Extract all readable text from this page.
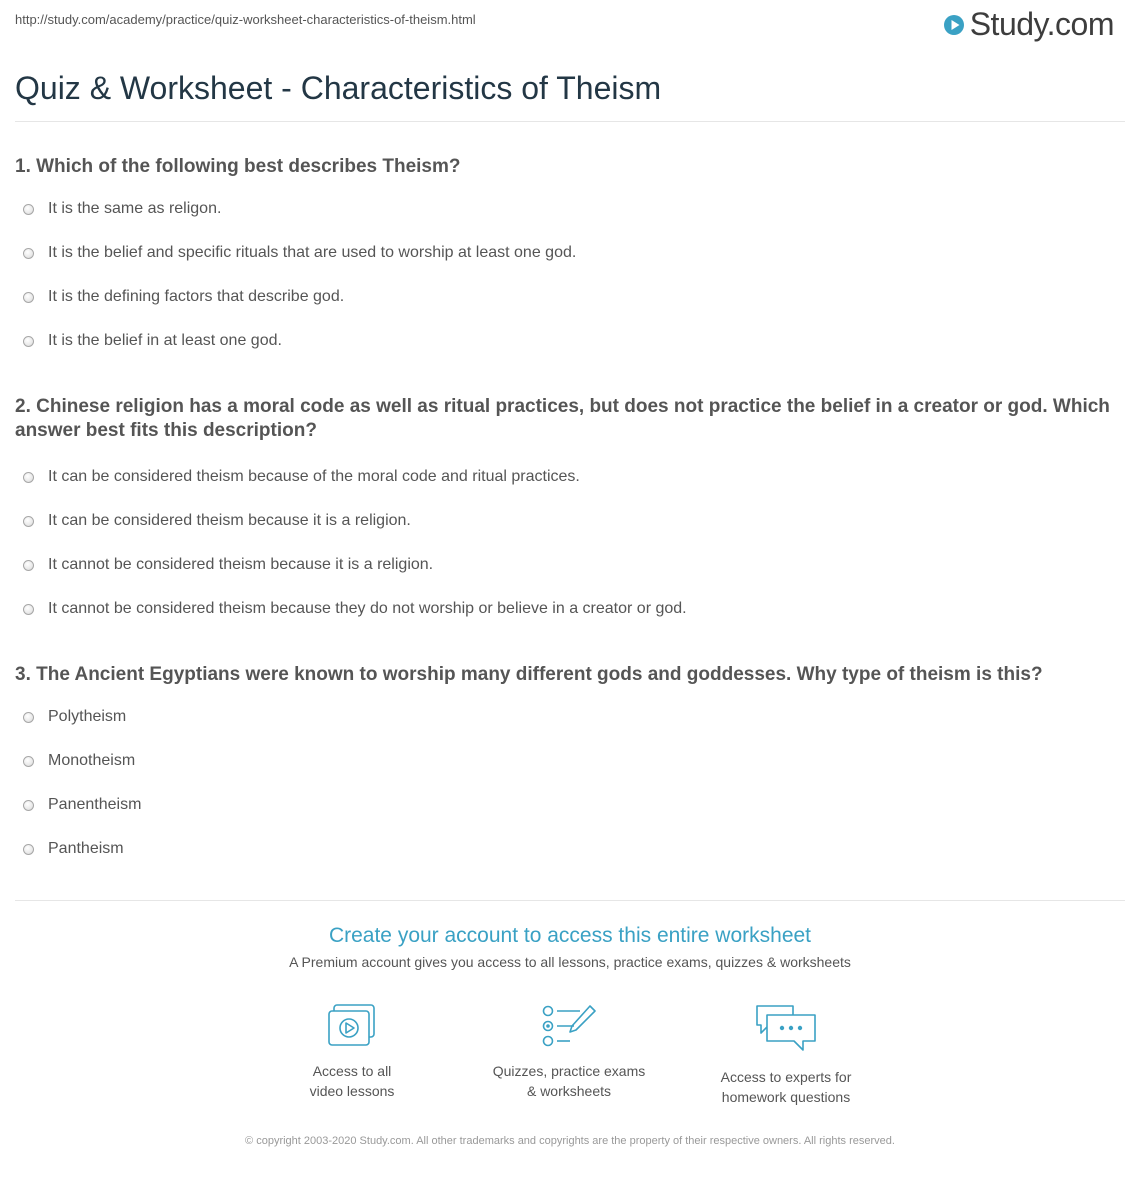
http://study.com/academy/practice/quiz-worksheet-characteristics-of-theism.html	Study.com
Quiz & Worksheet - Characteristics of Theism

1. Which of the following best describes Theism?

It is the same as religon.
It is the belief and specific rituals that are used to worship at least one god.
It is the defining factors that describe god.
It is the belief in at least one god.

2. Chinese religion has a moral code as well as ritual practices, but does not practice the belief in a creator or god. Which answer best fits this description?

It can be considered theism because of the moral code and ritual practices.
It can be considered theism because it is a religion.
It cannot be considered theism because it is a religion.
It cannot be considered theism because they do not worship or believe in a creator or god.

3. The Ancient Egyptians were known to worship many different gods and goddesses. Why type of theism is this?

Polytheism
Monotheism
Panentheism
Pantheism
Create your account to access this entire worksheet
A Premium account gives you access to all lessons, practice exams, quizzes & worksheets
Access to all
video lessons
Quizzes, practice exams
& worksheets
Access to experts for
homework questions
© copyright 2003-2020 Study.com. All other trademarks and copyrights are the property of their respective owners. All rights reserved.
